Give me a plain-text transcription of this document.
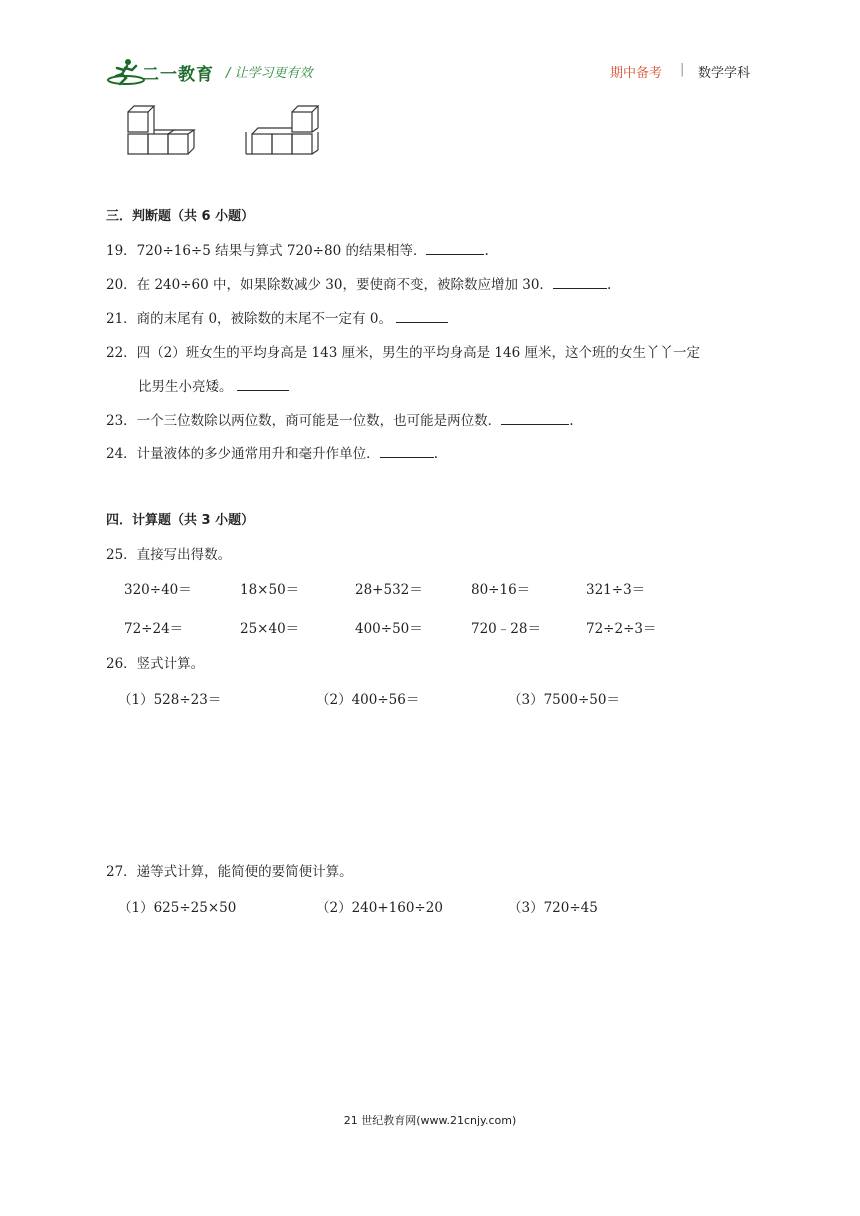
二一教育 / 让学习更有效	期中备考 | 数学学科
三．判断题（共 6 小题）
19．720÷16÷5 结果与算式 720÷80 的结果相等．	.
20．在 240÷60 中，如果除数减少 30，要使商不变，被除数应增加 30．	.
21．商的末尾有 0，被除数的末尾不一定有 0。
22．四（2）班女生的平均身高是 143 厘米，男生的平均身高是 146 厘米，这个班的女生丫丫一定
比男生小亮矮。
23．一个三位数除以两位数，商可能是一位数，也可能是两位数．	.
24．计量液体的多少通常用升和毫升作单位．	.
四．计算题（共 3 小题）
25．直接写出得数。
320÷40＝	18×50＝	28+532＝	80÷16＝	321÷3＝
72÷24＝	25×40＝	400÷50＝	720﹣28＝	72÷2÷3＝
26．竖式计算。
（1）528÷23＝	（2）400÷56＝	（3）7500÷50＝
27．递等式计算，能简便的要简便计算。
（1）625÷25×50	（2）240+160÷20	（3）720÷45
21 世纪教育网(www.21cnjy.com)
